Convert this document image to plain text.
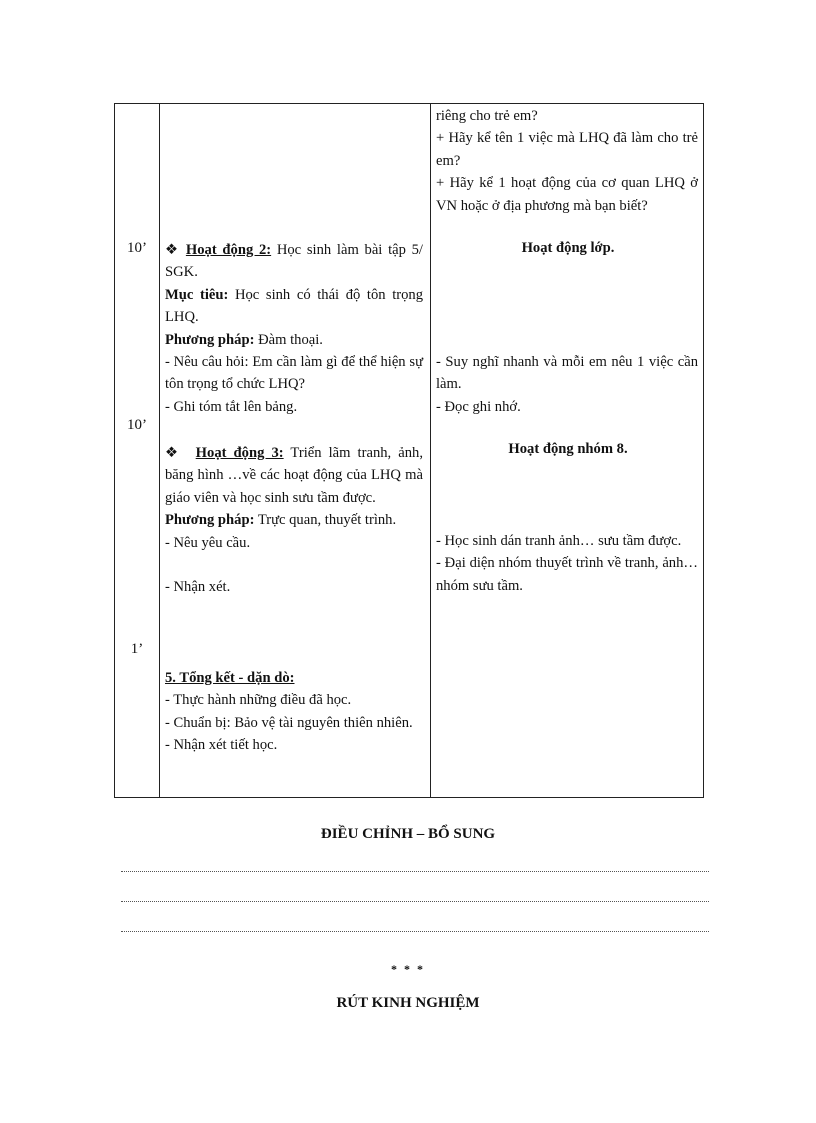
10’
10’
1’

❖ Hoạt động 2: Học sinh làm bài tập 5/ SGK.

Mục tiêu: Học sinh có thái độ tôn trọng LHQ.

Phương pháp: Đàm thoại.

- Nêu câu hỏi: Em cần làm gì để thể hiện sự tôn trọng tổ chức LHQ?

- Ghi tóm tắt lên bảng.

❖ Hoạt động 3: Triển lãm tranh, ảnh, băng hình …về các hoạt động của LHQ mà giáo viên và học sinh sưu tầm được.

Phương pháp: Trực quan, thuyết trình.

- Nêu yêu cầu.

- Nhận xét.

5. Tổng kết - dặn dò:

- Thực hành những điều đã học.

- Chuẩn bị: Bảo vệ tài nguyên thiên nhiên.

- Nhận xét tiết học.

riêng cho trẻ em?

+ Hãy kể tên 1 việc mà LHQ đã làm cho trẻ em?

+ Hãy kể 1 hoạt động của cơ quan LHQ ở VN hoặc ở địa phương mà bạn biết?

Hoạt động lớp.

- Suy nghĩ nhanh và mỗi em nêu 1 việc cần làm.

- Đọc ghi nhớ.

Hoạt động nhóm 8.

- Học sinh dán tranh ảnh… sưu tầm được.

- Đại diện nhóm thuyết trình về tranh, ảnh… nhóm sưu tầm.

ĐIỀU CHỈNH – BỔ SUNG
* * *
RÚT KINH NGHIỆM
